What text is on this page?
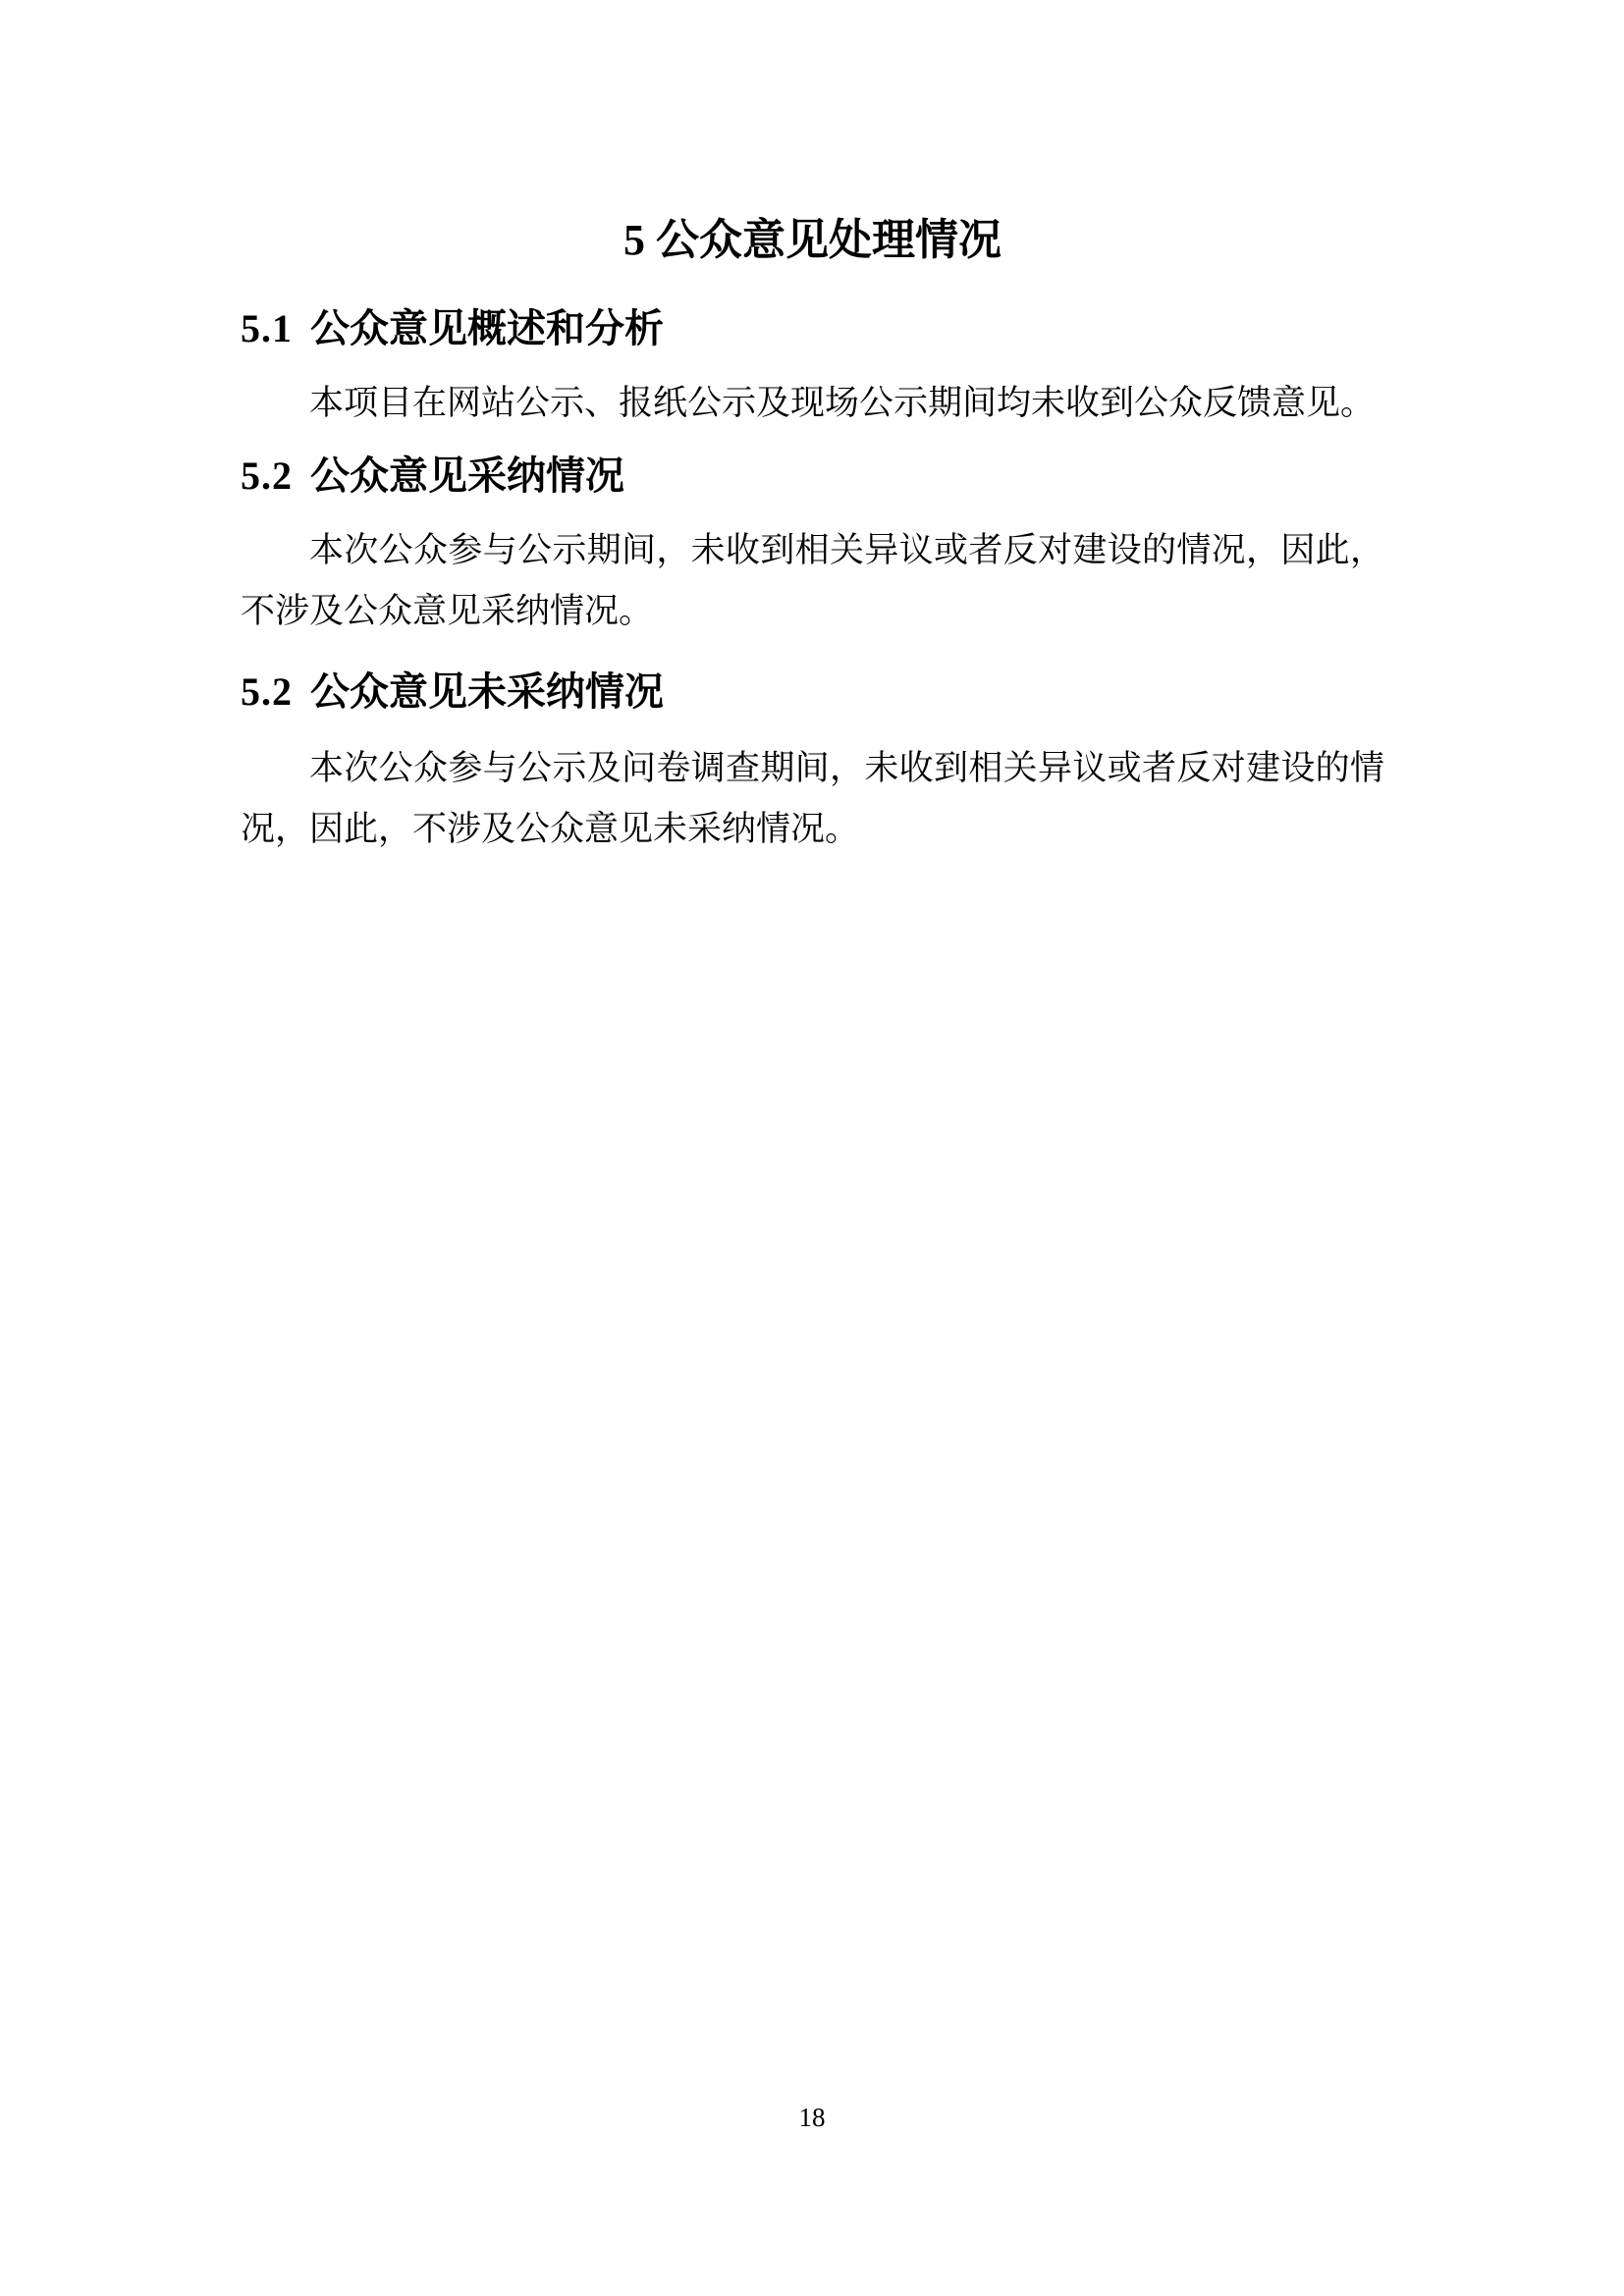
5 公众意见处理情况
5.1 公众意见概述和分析

本项目在网站公示、报纸公示及现场公示期间均未收到公众反馈意见。

5.2 公众意见采纳情况

本次公众参与公示期间，未收到相关异议或者反对建设的情况，因此，不涉及公众意见采纳情况。

5.2 公众意见未采纳情况

本次公众参与公示及问卷调查期间，未收到相关异议或者反对建设的情况，因此，不涉及公众意见未采纳情况。

18
